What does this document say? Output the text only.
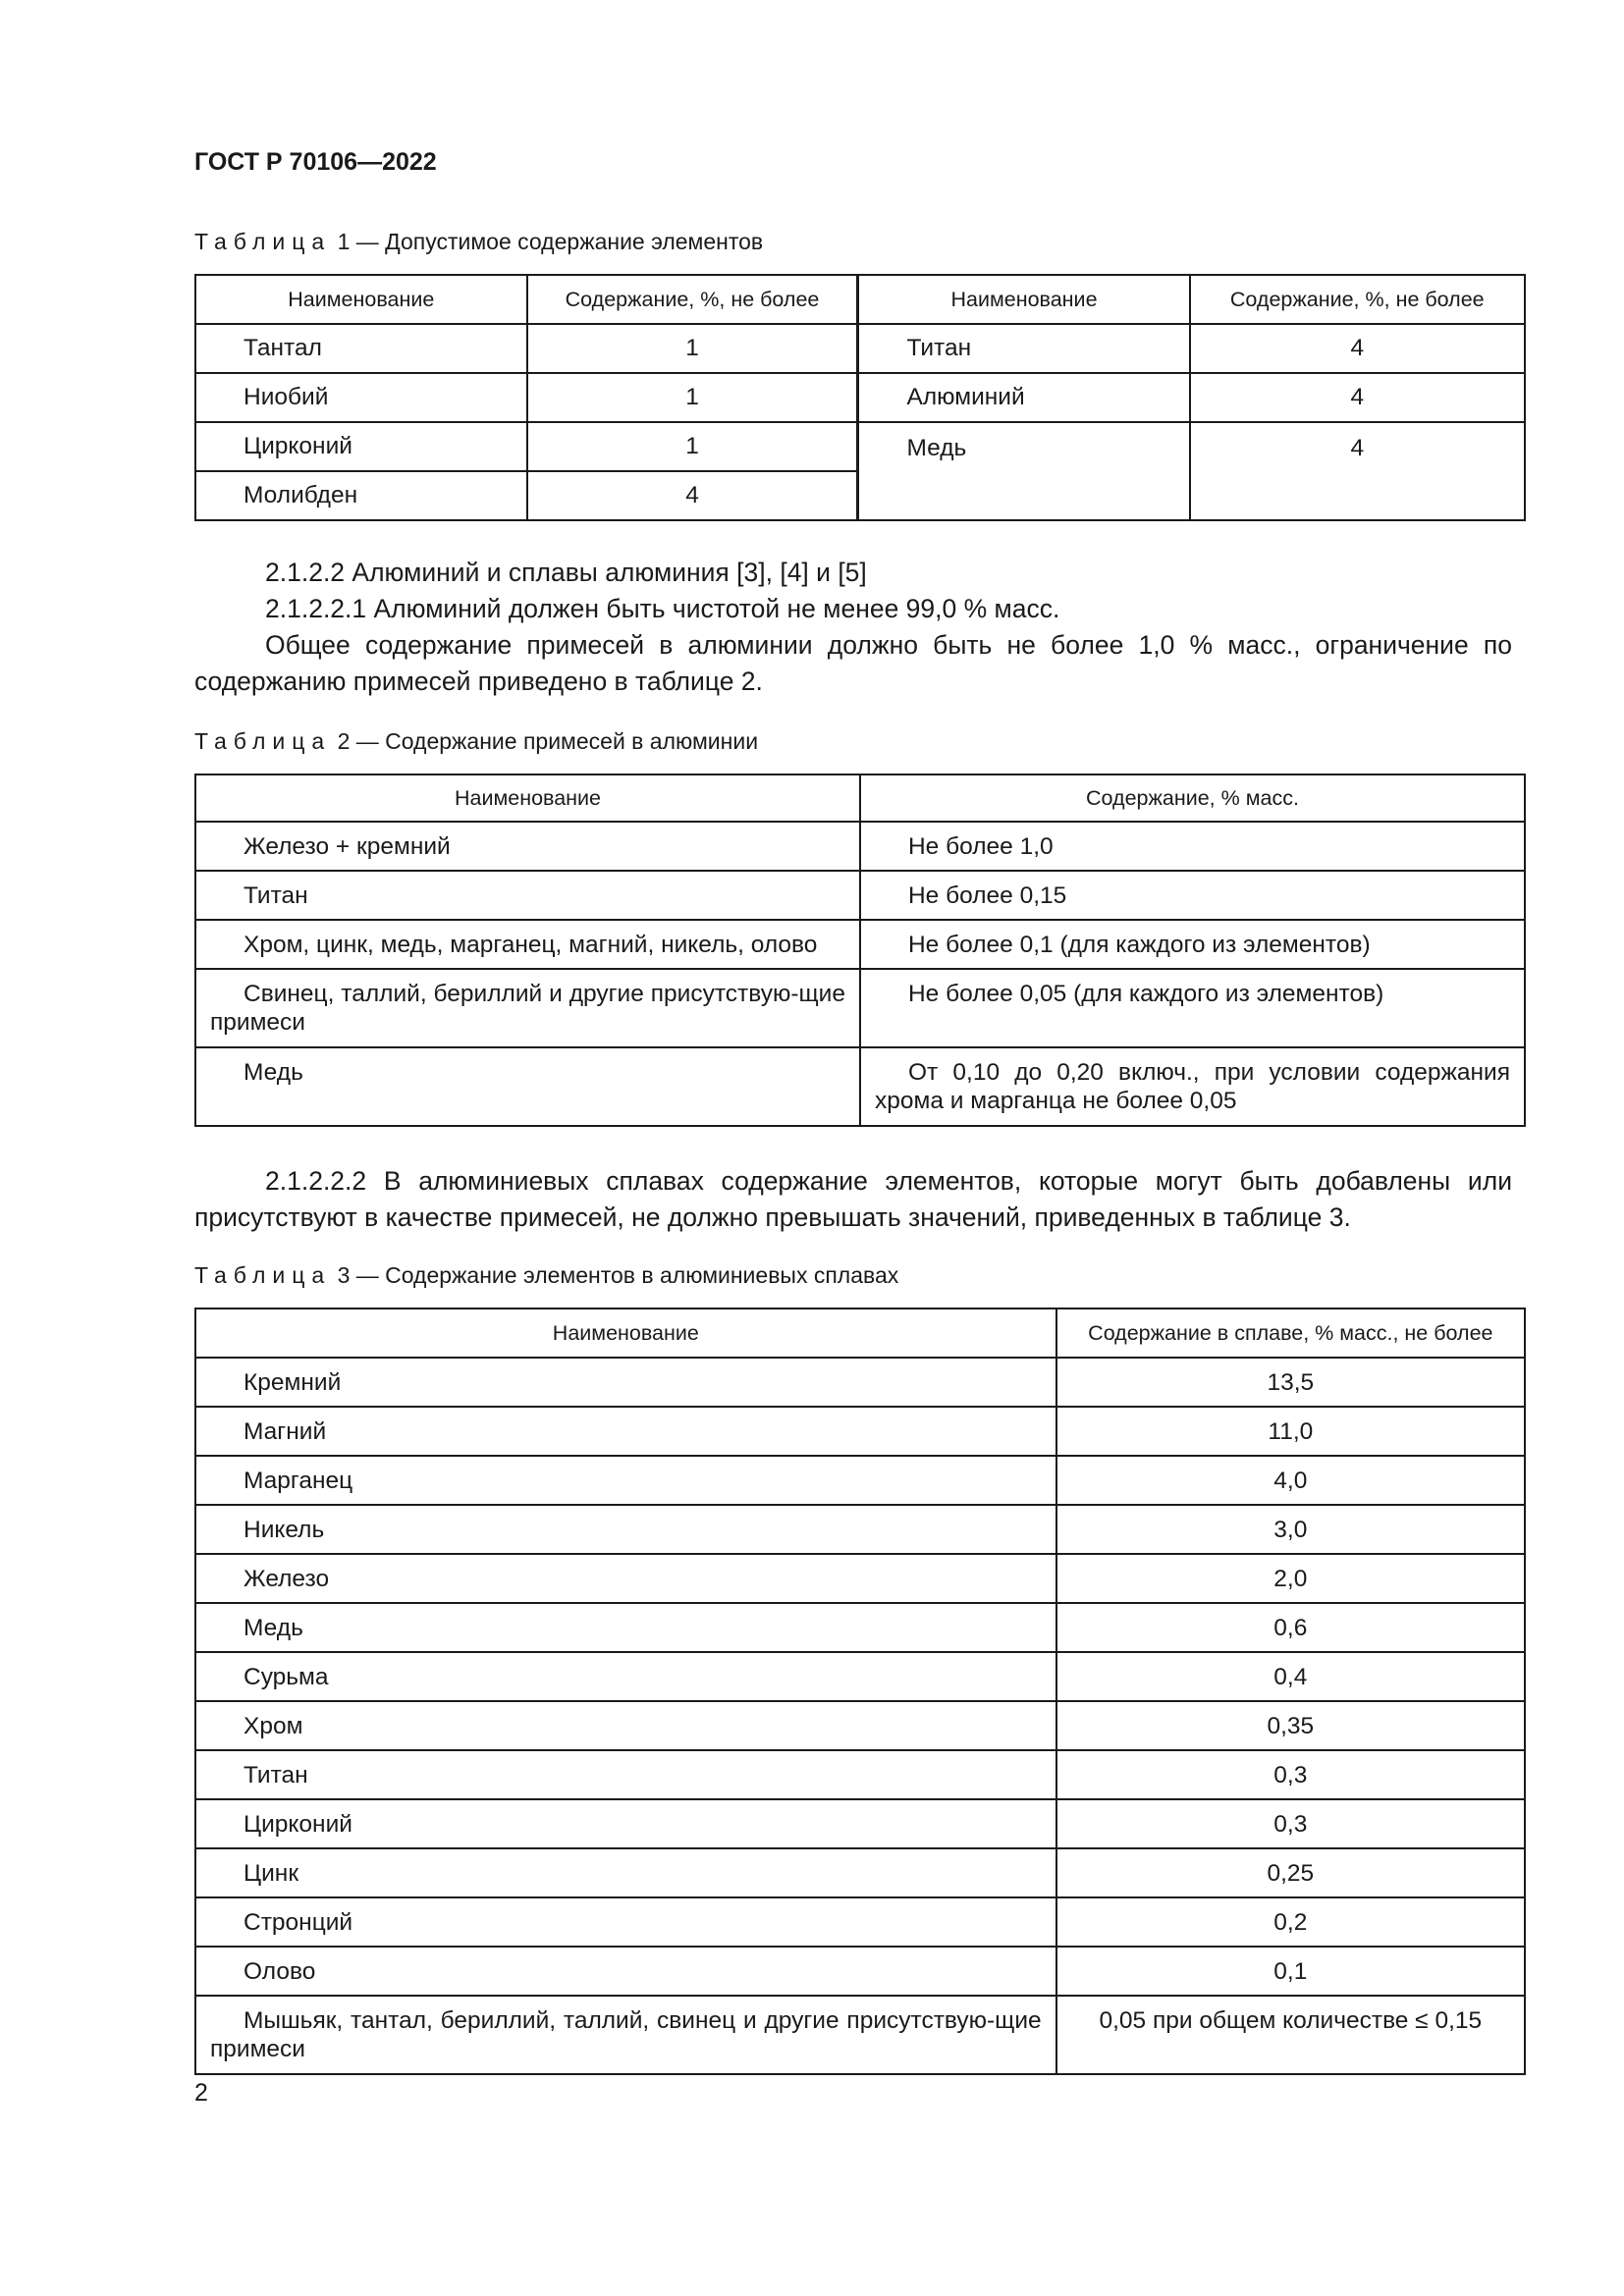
ГОСТ Р 70106—2022
Таблица 1 — Допустимое содержание элементов
Наименование	Содержание, %, не более	Наименование	Содержание, %, не более
Тантал	1	Титан	4
Ниобий	1	Алюминий	4
Цирконий	1	Медь	4
Молибден	4		

2.1.2.2 Алюминий и сплавы алюминия [3], [4] и [5]

2.1.2.2.1 Алюминий должен быть чистотой не менее 99,0 % масс.

Общее содержание примесей в алюминии должно быть не более 1,0 % масс., ограничение по содержанию примесей приведено в таблице 2.

Таблица 2 — Содержание примесей в алюминии
Наименование	Содержание, % масс.
Железо + кремний	Не более 1,0
Титан	Не более 0,15
Хром, цинк, медь, марганец, магний, никель, олово	Не более 0,1 (для каждого из элементов)
Свинец, таллий, бериллий и другие присутствую-щие примеси	Не более 0,05 (для каждого из элементов)
Медь	От 0,10 до 0,20 включ., при условии содержания хрома и марганца не более 0,05

2.1.2.2.2 В алюминиевых сплавах содержание элементов, которые могут быть добавлены или присутствуют в качестве примесей, не должно превышать значений, приведенных в таблице 3.

Таблица 3 — Содержание элементов в алюминиевых сплавах
Наименование	Содержание в сплаве, % масс., не более
Кремний	13,5
Магний	11,0
Марганец	4,0
Никель	3,0
Железо	2,0
Медь	0,6
Сурьма	0,4
Хром	0,35
Титан	0,3
Цирконий	0,3
Цинк	0,25
Стронций	0,2
Олово	0,1
Мышьяк, тантал, бериллий, таллий, свинец и другие присутствую-щие примеси	0,05 при общем количестве ≤ 0,15
2
